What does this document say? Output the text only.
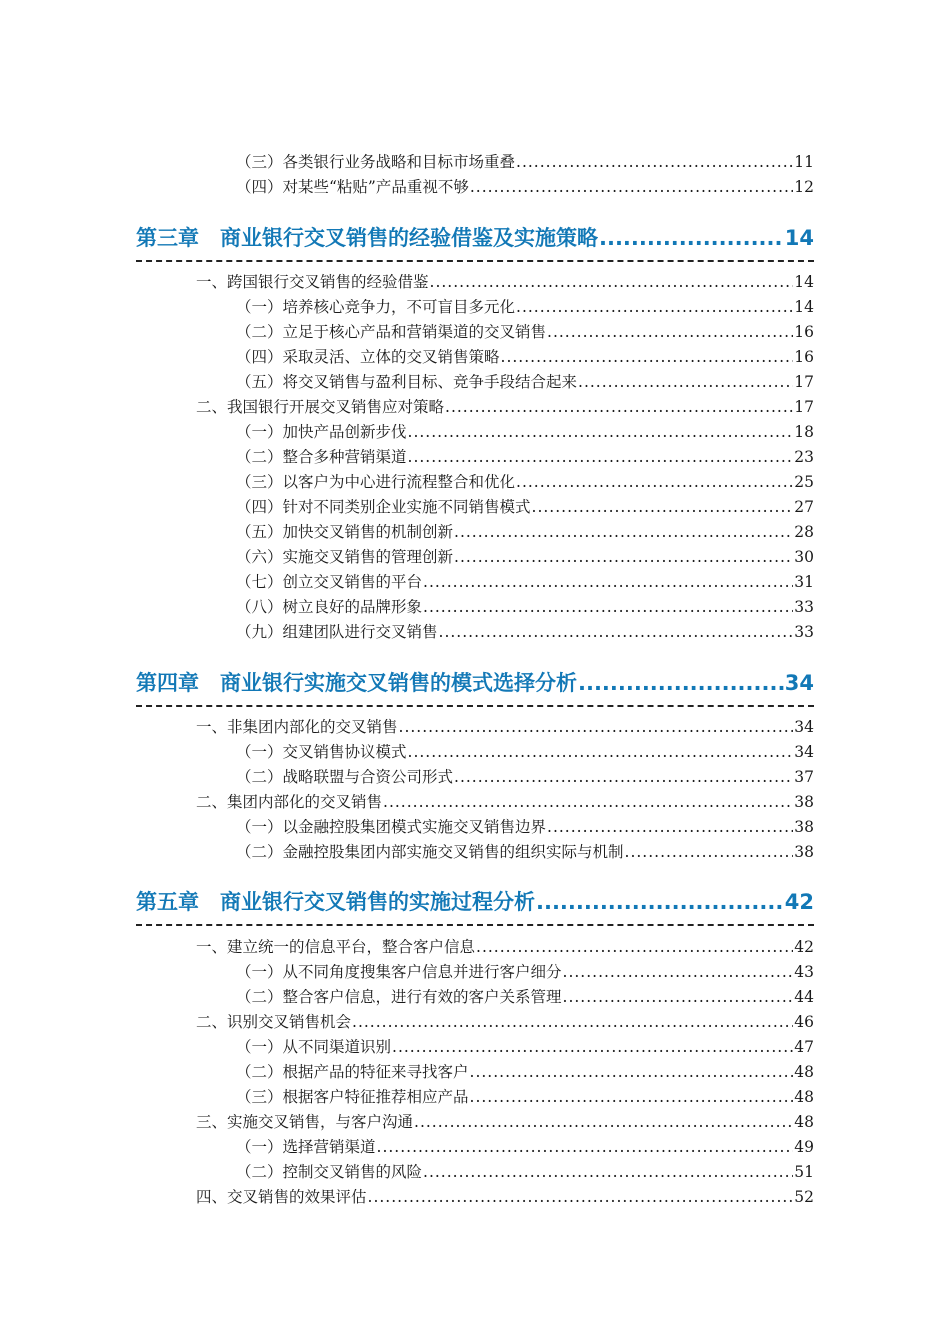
（三）各类银行业务战略和目标市场重叠 .....	11
（四）对某些“粘贴”产品重视不够 .....	12
第三章　商业银行交叉销售的经验借鉴及实施策略 .....	14
一、跨国银行交叉销售的经验借鉴 .....	14
（一）培养核心竞争力，不可盲目多元化 .....	14
（二）立足于核心产品和营销渠道的交叉销售 .....	16
（四）采取灵活、立体的交叉销售策略 .....	16
（五）将交叉销售与盈利目标、竞争手段结合起来 .....	17
二、我国银行开展交叉销售应对策略 .....	17
（一）加快产品创新步伐 .....	18
（二）整合多种营销渠道 .....	23
（三）以客户为中心进行流程整合和优化 .....	25
（四）针对不同类别企业实施不同销售模式 .....	27
（五）加快交叉销售的机制创新 .....	28
（六）实施交叉销售的管理创新 .....	30
（七）创立交叉销售的平台 .....	31
（八）树立良好的品牌形象 .....	33
（九）组建团队进行交叉销售 .....	33
第四章　商业银行实施交叉销售的模式选择分析 .....	34
一、非集团内部化的交叉销售 .....	34
（一）交叉销售协议模式 .....	34
（二）战略联盟与合资公司形式 .....	37
二、集团内部化的交叉销售 .....	38
（一）以金融控股集团模式实施交叉销售边界 .....	38
（二）金融控股集团内部实施交叉销售的组织实际与机制 .....	38
第五章　商业银行交叉销售的实施过程分析 .....	42
一、建立统一的信息平台，整合客户信息 .....	42
（一）从不同角度搜集客户信息并进行客户细分 .....	43
（二）整合客户信息，进行有效的客户关系管理 .....	44
二、识别交叉销售机会 .....	46
（一）从不同渠道识别 .....	47
（二）根据产品的特征来寻找客户 .....	48
（三）根据客户特征推荐相应产品 .....	48
三、实施交叉销售，与客户沟通 .....	48
（一）选择营销渠道 .....	49
（二）控制交叉销售的风险 .....	51
四、交叉销售的效果评估 .....	52
